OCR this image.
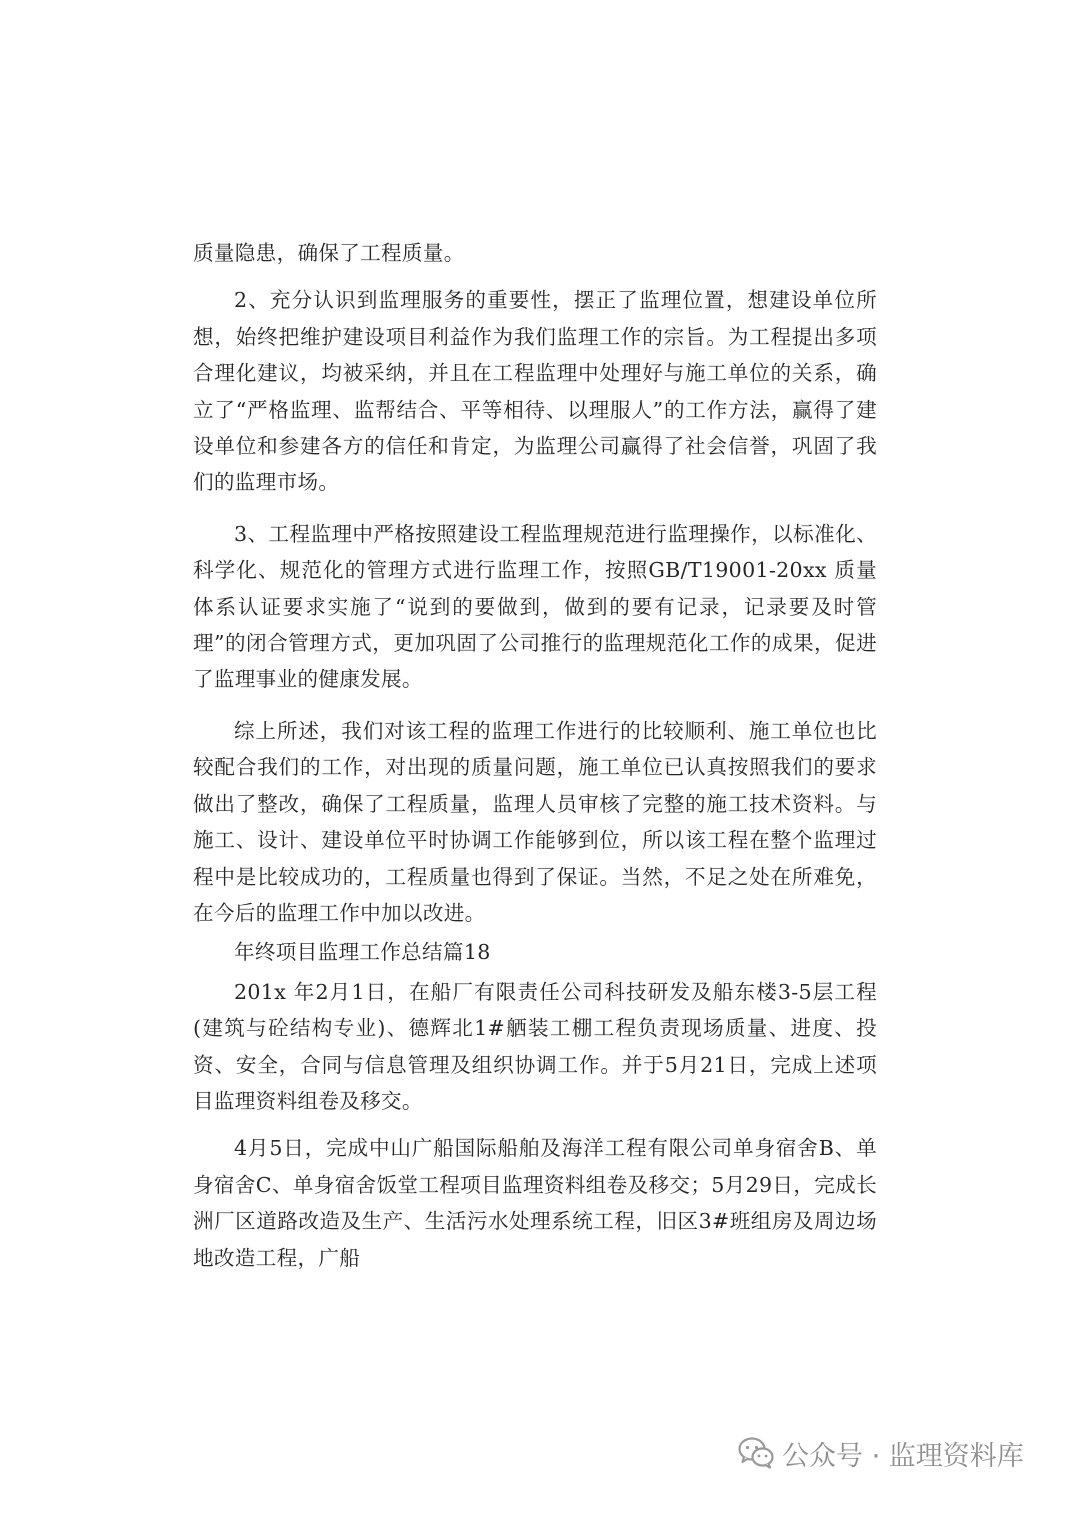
质量隐患，确保了工程质量。

2、充分认识到监理服务的重要性，摆正了监理位置，想建设单位所想，始终把维护建设项目利益作为我们监理工作的宗旨。为工程提出多项合理化建议，均被采纳，并且在工程监理中处理好与施工单位的关系，确立了“严格监理、监帮结合、平等相待、以理服人”的工作方法，赢得了建设单位和参建各方的信任和肯定，为监理公司赢得了社会信誉，巩固了我们的监理市场。

3、工程监理中严格按照建设工程监理规范进行监理操作，以标准化、科学化、规范化的管理方式进行监理工作，按照GB/T19001-20xx 质量体系认证要求实施了“说到的要做到，做到的要有记录，记录要及时管理”的闭合管理方式，更加巩固了公司推行的监理规范化工作的成果，促进了监理事业的健康发展。

综上所述，我们对该工程的监理工作进行的比较顺利、施工单位也比较配合我们的工作，对出现的质量问题，施工单位已认真按照我们的要求做出了整改，确保了工程质量，监理人员审核了完整的施工技术资料。与施工、设计、建设单位平时协调工作能够到位，所以该工程在整个监理过程中是比较成功的，工程质量也得到了保证。当然，不足之处在所难免，在今后的监理工作中加以改进。

年终项目监理工作总结篇18

201x 年2月1日，在船厂有限责任公司科技研发及船东楼3-5层工程(建筑与砼结构专业)、德辉北1#舾装工棚工程负责现场质量、进度、投资、安全，合同与信息管理及组织协调工作。并于5月21日，完成上述项目监理资料组卷及移交。

4月5日，完成中山广船国际船舶及海洋工程有限公司单身宿舍B、单身宿舍C、单身宿舍饭堂工程项目监理资料组卷及移交；5月29日，完成长洲厂区道路改造及生产、生活污水处理系统工程，旧区3#班组房及周边场地改造工程，广船

公众号 · 监理资料库
